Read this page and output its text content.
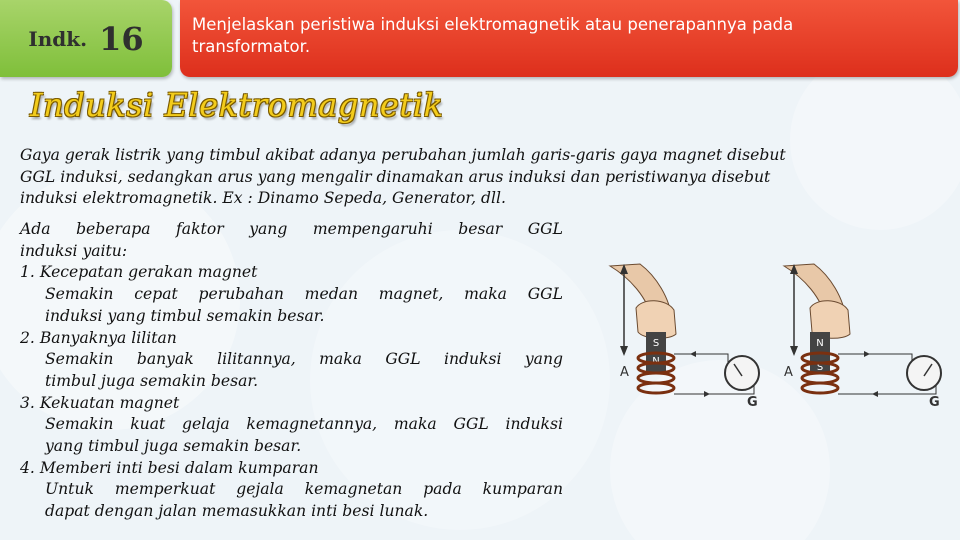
Indk. 16	Menjelaskan peristiwa induksi elektromagnetik atau penerapannya pada
transformator.
Induksi Elektromagnetik
Gaya gerak listrik yang timbul akibat adanya perubahan jumlah garis-garis gaya magnet disebut
GGL induksi, sedangkan arus yang mengalir dinamakan arus induksi dan peristiwanya disebut
induksi elektromagnetik. Ex : Dinamo Sepeda, Generator, dll.
Ada beberapa faktor yang mempengaruhi besar GGL
induksi yaitu:
1. Kecepatan gerakan magnet
Semakin cepat perubahan medan magnet, maka GGL
induksi yang timbul semakin besar.
2. Banyaknya lilitan
Semakin banyak lilitannya, maka GGL induksi yang
timbul juga semakin besar.
3. Kekuatan magnet
Semakin kuat gelaja kemagnetannya, maka GGL induksi
yang timbul juga semakin besar.
4. Memberi inti besi dalam kumparan
Untuk memperkuat gejala kemagnetan pada kumparan
dapat dengan jalan memasukkan inti besi lunak.
S
N
A
G
N
S
A
G
